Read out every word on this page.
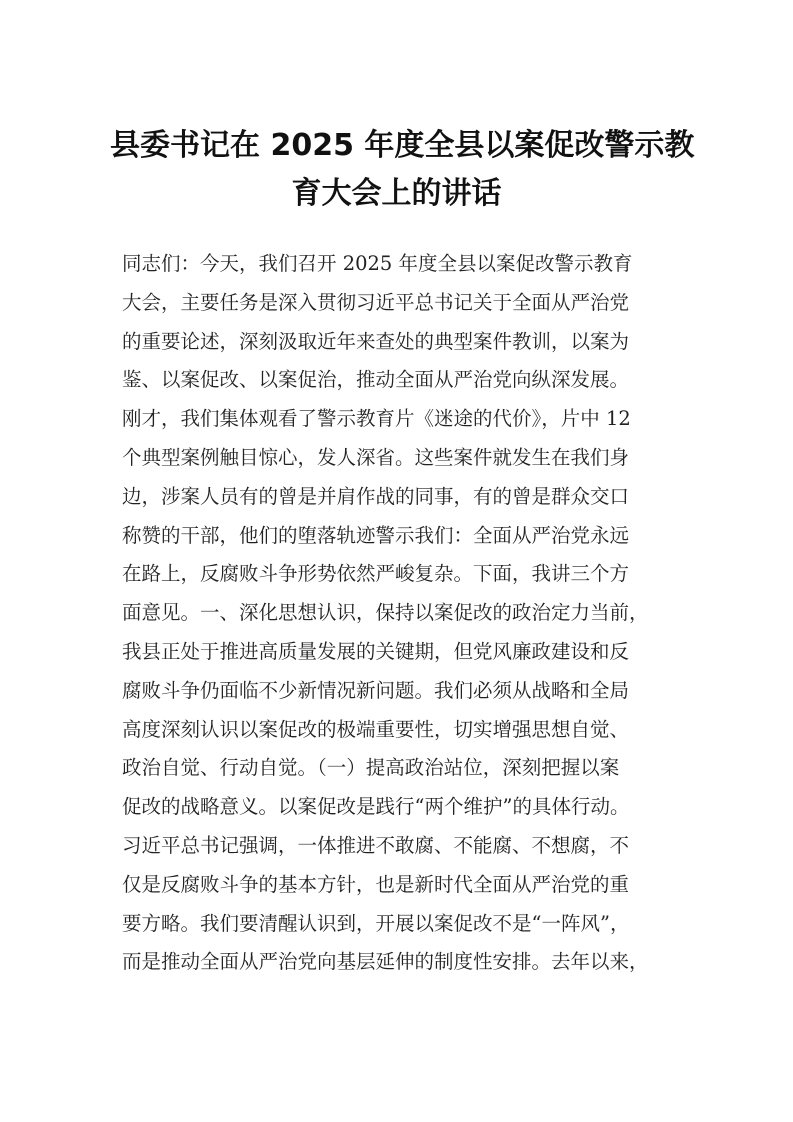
县委书记在 2025 年度全县以案促改警示教
育大会上的讲话
同志们：今天，我们召开 2025 年度全县以案促改警示教育
大会，主要任务是深入贯彻习近平总书记关于全面从严治党
的重要论述，深刻汲取近年来查处的典型案件教训，以案为
鉴、以案促改、以案促治，推动全面从严治党向纵深发展。
刚才，我们集体观看了警示教育片《迷途的代价》，片中 12
个典型案例触目惊心，发人深省。这些案件就发生在我们身
边，涉案人员有的曾是并肩作战的同事，有的曾是群众交口
称赞的干部，他们的堕落轨迹警示我们：全面从严治党永远
在路上，反腐败斗争形势依然严峻复杂。下面，我讲三个方
面意见。一、深化思想认识，保持以案促改的政治定力当前，
我县正处于推进高质量发展的关键期，但党风廉政建设和反
腐败斗争仍面临不少新情况新问题。我们必须从战略和全局
高度深刻认识以案促改的极端重要性，切实增强思想自觉、
政治自觉、行动自觉。（一）提高政治站位，深刻把握以案
促改的战略意义。以案促改是践行“两个维护”的具体行动。
习近平总书记强调，一体推进不敢腐、不能腐、不想腐，不
仅是反腐败斗争的基本方针，也是新时代全面从严治党的重
要方略。我们要清醒认识到，开展以案促改不是“一阵风”，
而是推动全面从严治党向基层延伸的制度性安排。去年以来，
